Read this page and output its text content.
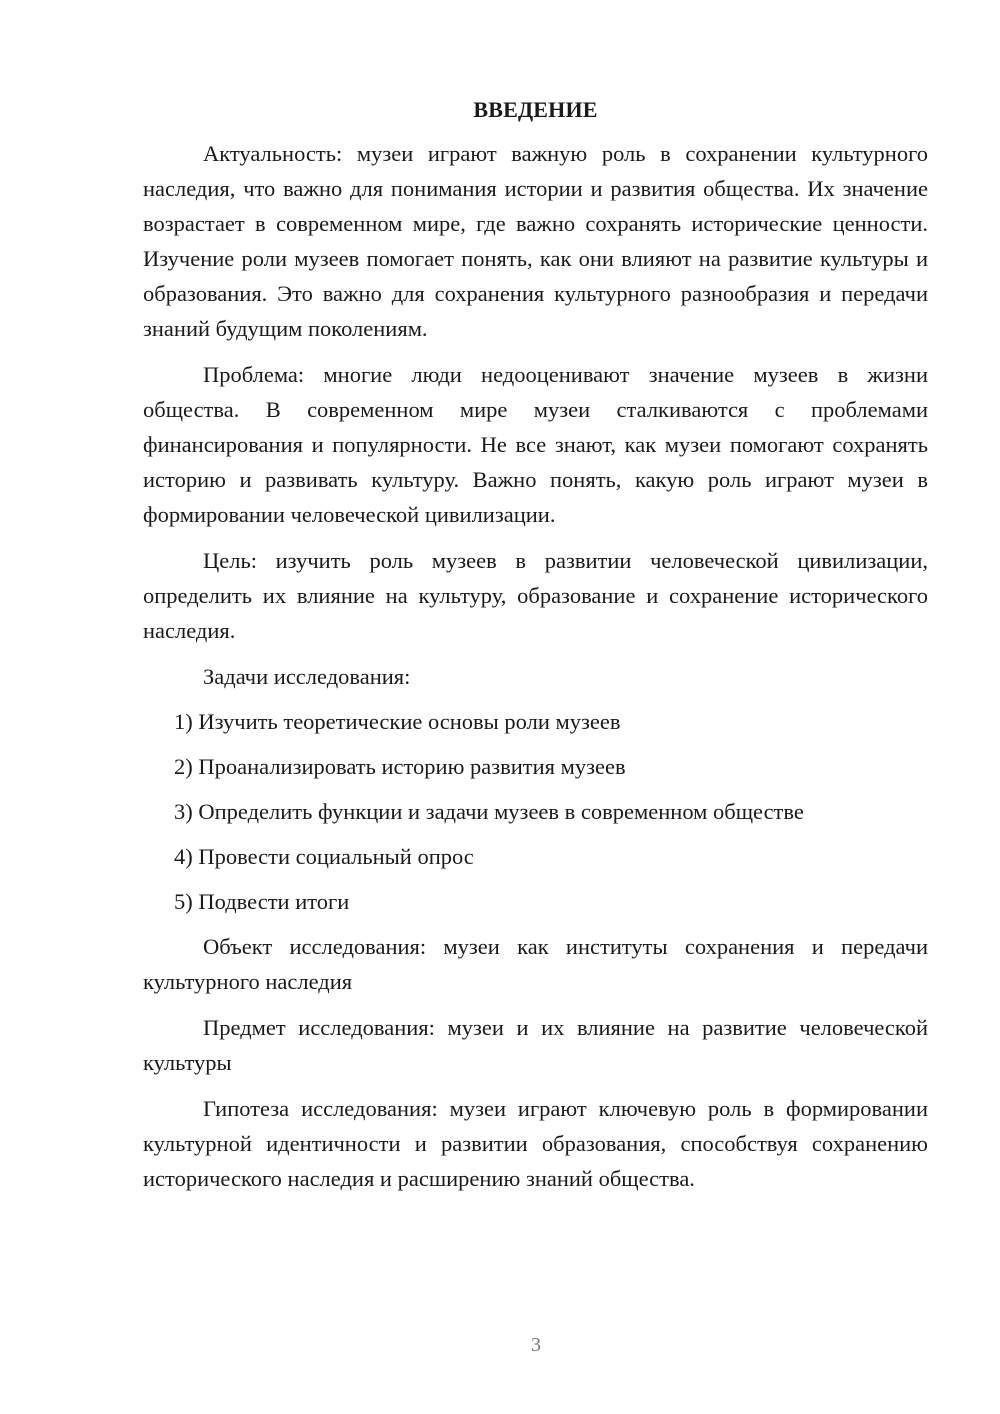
ВВЕДЕНИЕ

Актуальность: музеи играют важную роль в сохранении культурного наследия, что важно для понимания истории и развития общества. Их значение возрастает в современном мире, где важно сохранять исторические ценности. Изучение роли музеев помогает понять, как они влияют на развитие культуры и образования. Это важно для сохранения культурного разнообразия и передачи знаний будущим поколениям.

Проблема: многие люди недооценивают значение музеев в жизни общества. В современном мире музеи сталкиваются с проблемами финансирования и популярности. Не все знают, как музеи помогают сохранять историю и развивать культуру. Важно понять, какую роль играют музеи в формировании человеческой цивилизации.

Цель: изучить роль музеев в развитии человеческой цивилизации, определить их влияние на культуру, образование и сохранение исторического наследия.

Задачи исследования:
1) Изучить теоретические основы роли музеев
2) Проанализировать историю развития музеев
3) Определить функции и задачи музеев в современном обществе
4) Провести социальный опрос
5) Подвести итоги

Объект исследования: музеи как институты сохранения и передачи культурного наследия

Предмет исследования: музеи и их влияние на развитие человеческой культуры

Гипотеза исследования: музеи играют ключевую роль в формировании культурной идентичности и развитии образования, способствуя сохранению исторического наследия и расширению знаний общества.

3
